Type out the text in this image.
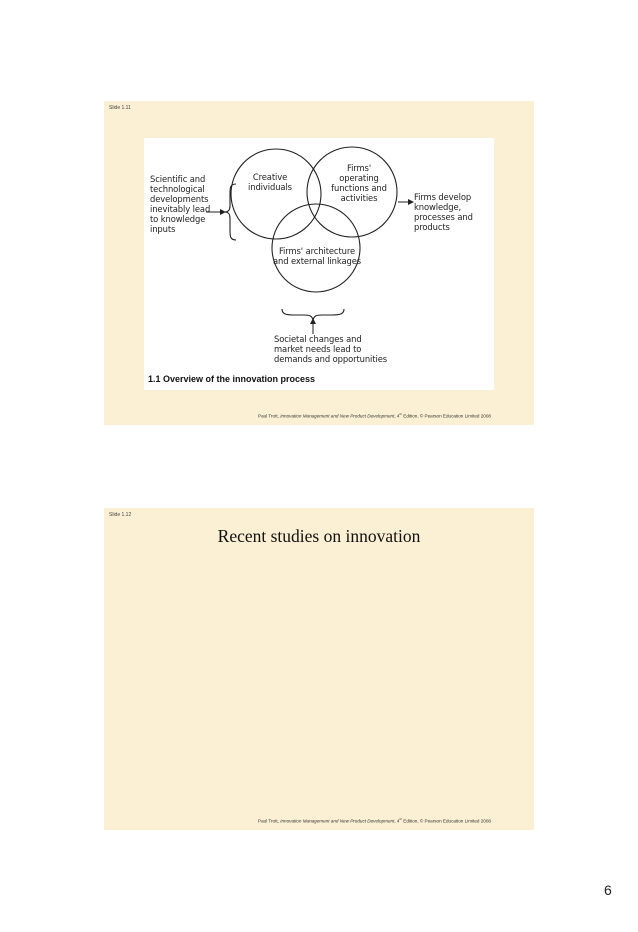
Slide 1.11
Scientific and
technological
developments
inevitably lead
to knowledge
inputs
Creative
individuals
Firms'
operating
functions and
activities
Firms' architecture
and external linkages
Firms develop
knowledge,
processes and
products
Societal changes and
market needs lead to
demands and opportunities
1.1 Overview of the innovation process
Paul Trott, Innovation Management and New Product Development, 4th Edition, © Pearson Education Limited 2008
Slide 1.12
Recent studies on innovation
Paul Trott, Innovation Management and New Product Development, 4th Edition, © Pearson Education Limited 2008
6
